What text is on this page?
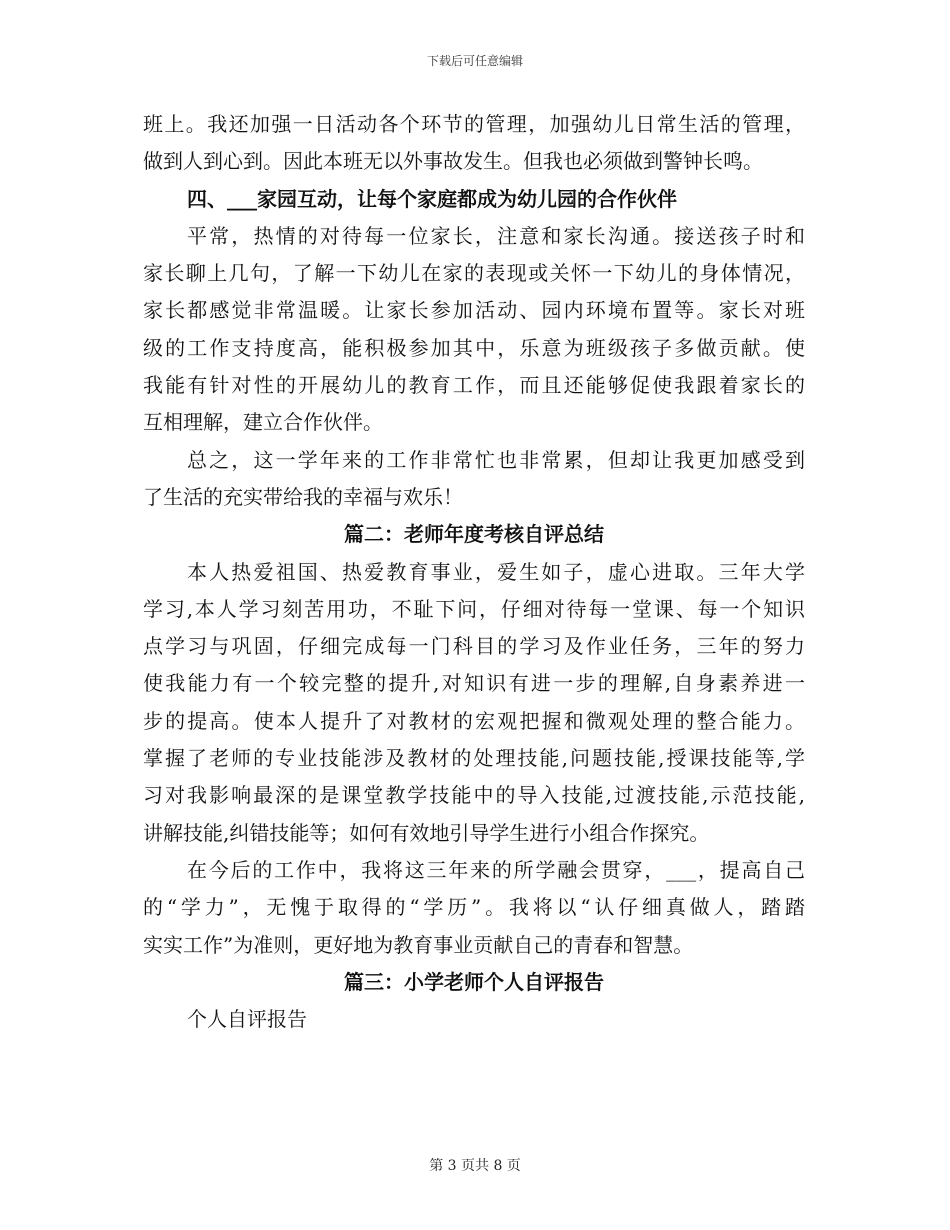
下载后可任意编辑
班上。我还加强一日活动各个环节的管理，加强幼儿日常生活的管理，
做到人到心到。因此本班无以外事故发生。但我也必须做到警钟长鸣。
四、___家园互动，让每个家庭都成为幼儿园的合作伙伴
平常，热情的对待每一位家长，注意和家长沟通。接送孩子时和
家长聊上几句，了解一下幼儿在家的表现或关怀一下幼儿的身体情况，
家长都感觉非常温暖。让家长参加活动、园内环境布置等。家长对班
级的工作支持度高，能积极参加其中，乐意为班级孩子多做贡献。使
我能有针对性的开展幼儿的教育工作，而且还能够促使我跟着家长的
互相理解，建立合作伙伴。
总之，这一学年来的工作非常忙也非常累，但却让我更加感受到
了生活的充实带给我的幸福与欢乐！
篇二：老师年度考核自评总结
本人热爱祖国、热爱教育事业，爱生如子，虚心进取。三年大学
学习,本人学习刻苦用功，不耻下问，仔细对待每一堂课、每一个知识
点学习与巩固，仔细完成每一门科目的学习及作业任务，三年的努力
使我能力有一个较完整的提升,对知识有进一步的理解,自身素养进一
步的提高。使本人提升了对教材的宏观把握和微观处理的整合能力。
掌握了老师的专业技能涉及教材的处理技能,问题技能,授课技能等,学
习对我影响最深的是课堂教学技能中的导入技能,过渡技能,示范技能,
讲解技能,纠错技能等；如何有效地引导学生进行小组合作探究。
在今后的工作中，我将这三年来的所学融会贯穿，___，提高自己
的“学力”，无愧于取得的“学历”。我将以“认仔细真做人，踏踏
实实工作”为准则，更好地为教育事业贡献自己的青春和智慧。
篇三：小学老师个人自评报告
个人自评报告
第 3 页共 8 页
